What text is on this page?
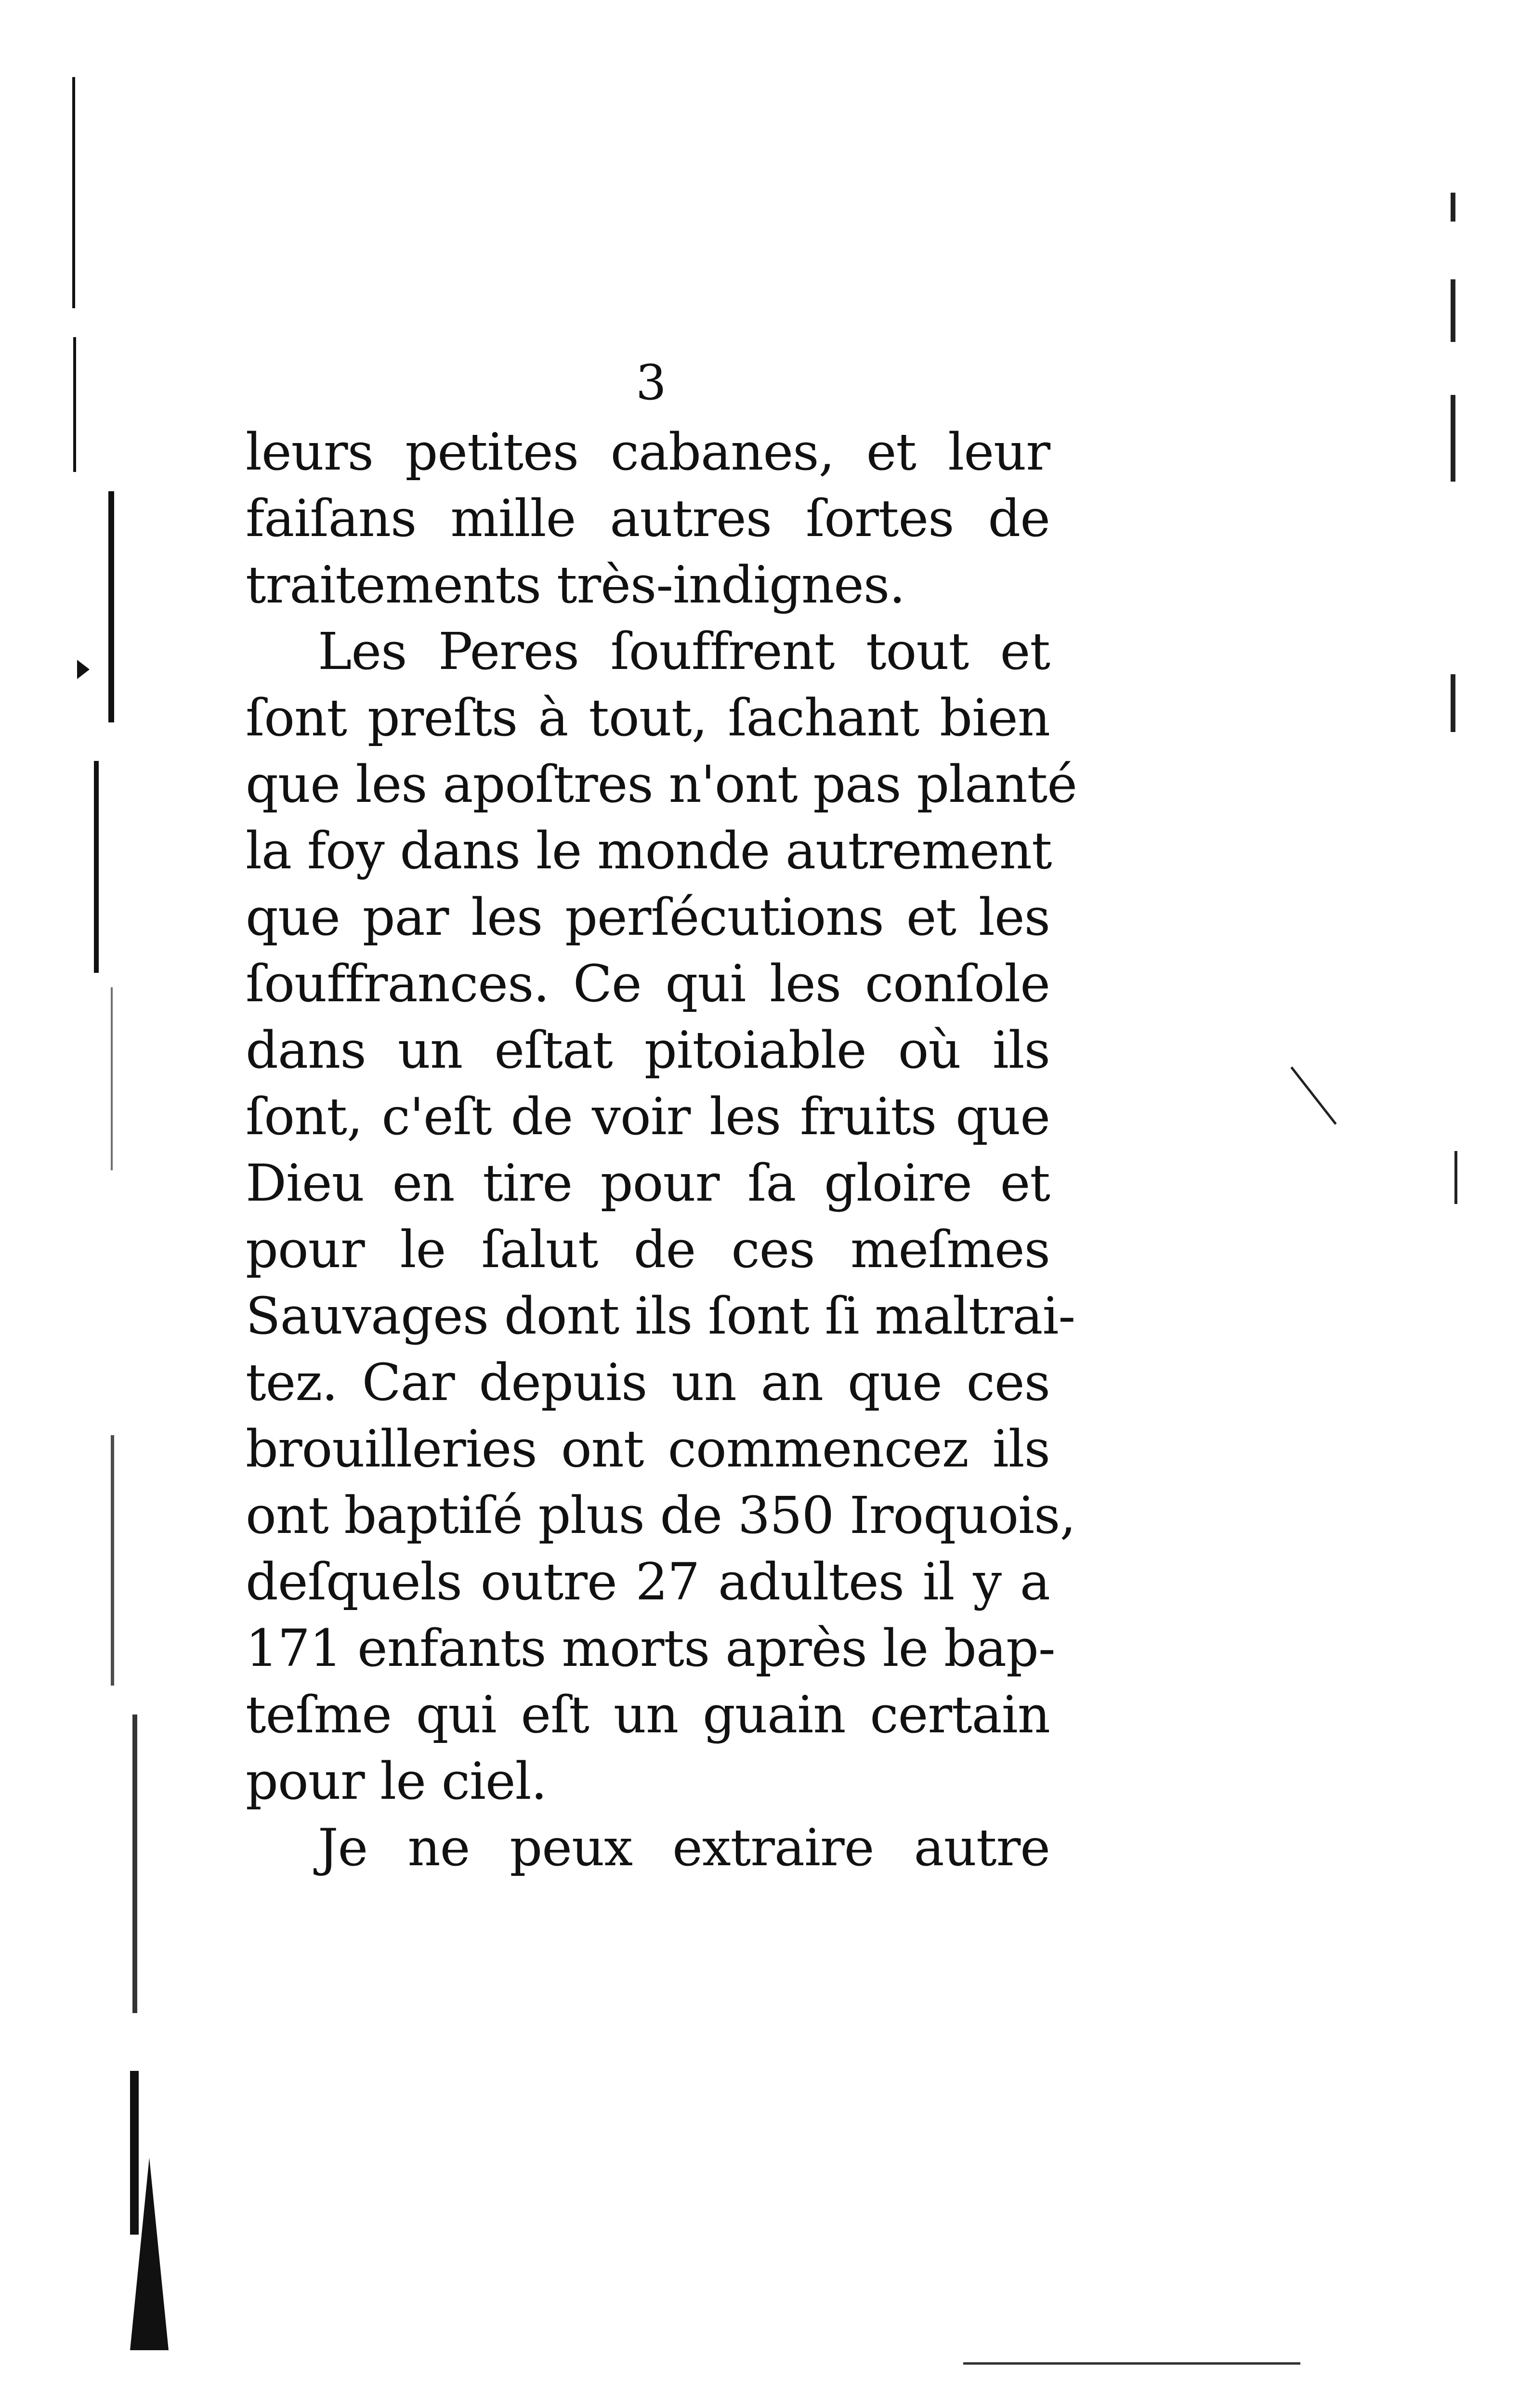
3
leurs petites cabanes, et leur
faiſans mille autres ſortes de
traitements très-indignes.
Les Peres ſouffrent tout et
ſont preſts à tout, ſachant bien
que les apoſtres n'ont pas planté
la foy dans le monde autrement
que par les perſécutions et les
ſouffrances. Ce qui les conſole
dans un eſtat pitoiable où ils
ſont, c'eſt de voir les fruits que
Dieu en tire pour ſa gloire et
pour le ſalut de ces meſmes
Sauvages dont ils ſont ſi maltrai-
tez. Car depuis un an que ces
brouilleries ont commencez ils
ont baptiſé plus de 350 Iroquois,
deſquels outre 27 adultes il y a
171 enfants morts après le bap-
teſme qui eſt un guain certain
pour le ciel.
Je ne peux extraire autre
